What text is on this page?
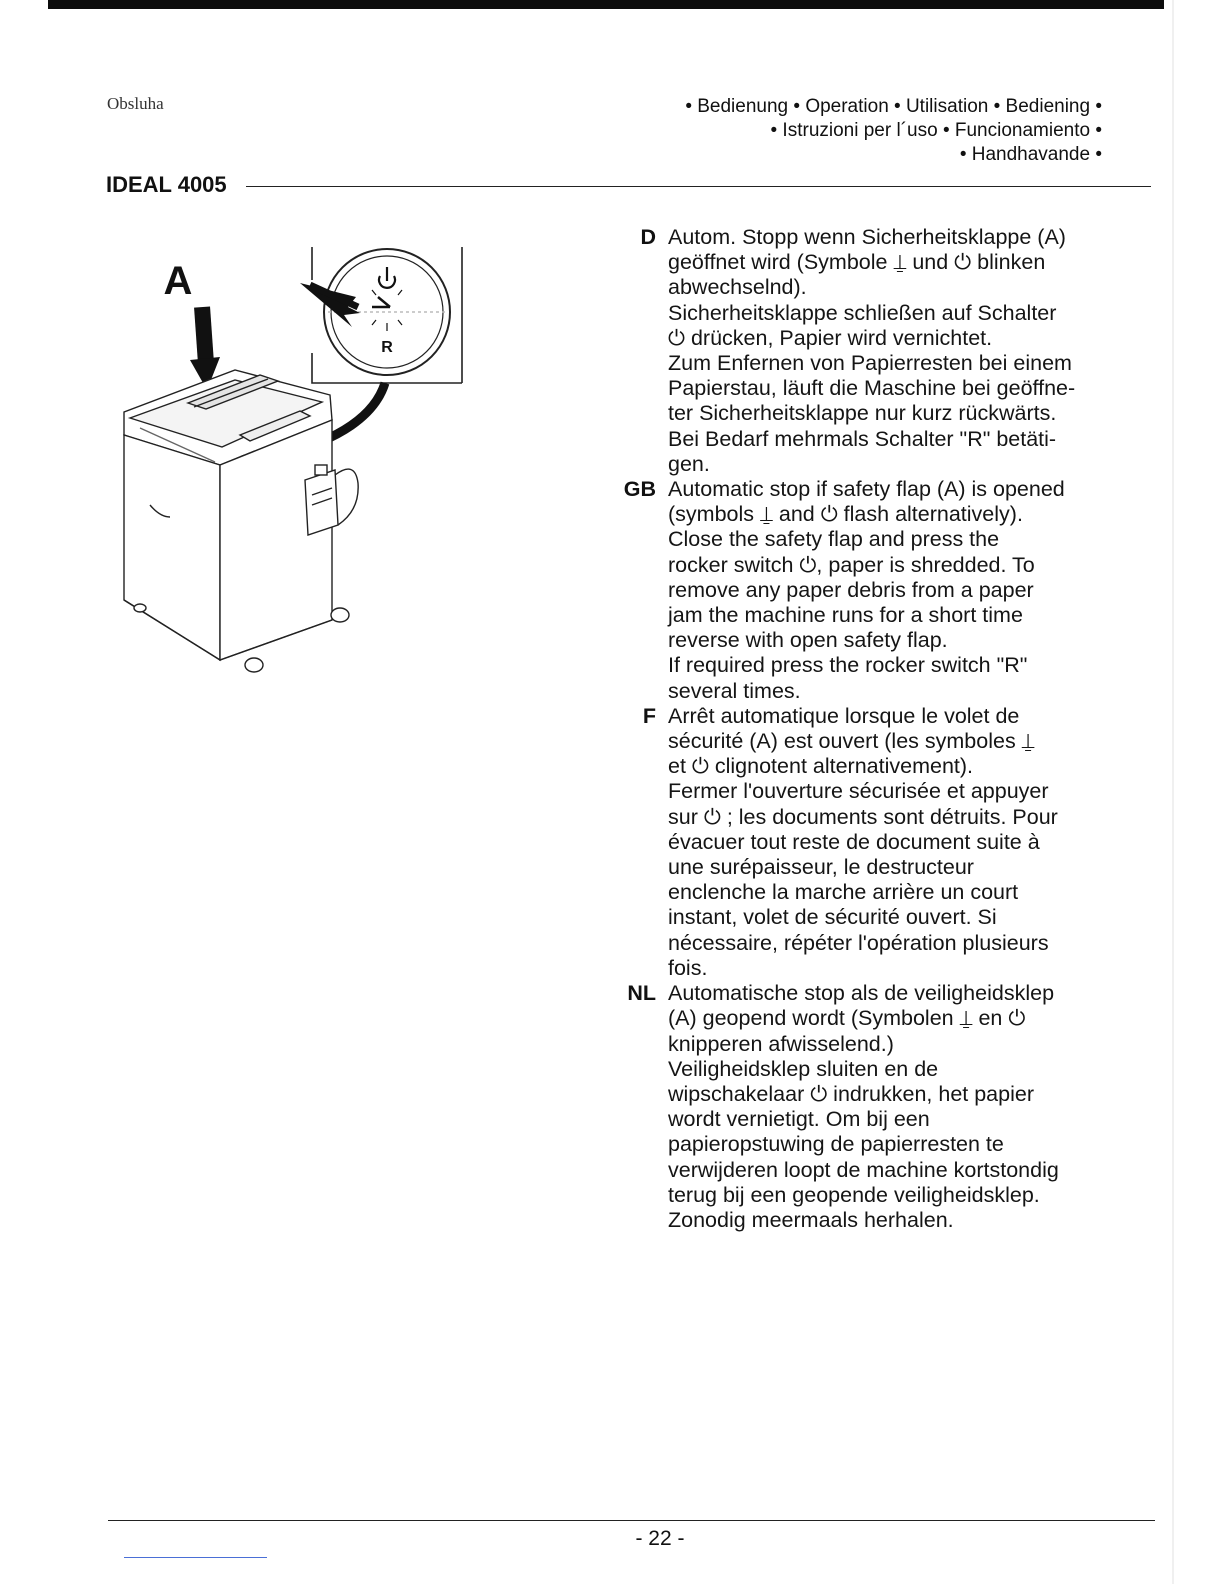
Obsluha	• Bedienung • Operation • Utilisation • Bediening •
• Istruzioni per l´uso • Funcionamiento •
• Handhavande •
IDEAL 4005
A
R
D Autom. Stopp wenn Sicherheitsklappe (A)
geöffnet wird (Symbole ⍊ und ⏻ blinken
abwechselnd).
Sicherheitsklappe schließen auf Schalter
⏻ drücken, Papier wird vernichtet.
Zum Enfernen von Papierresten bei einem
Papierstau, läuft die Maschine bei geöffne-
ter Sicherheitsklappe nur kurz rückwärts.
Bei Bedarf mehrmals Schalter "R" betäti-
gen.
GB Automatic stop if safety flap (A) is opened
(symbols ⍊ and ⏻ flash alternatively).
Close the safety flap and press the
rocker switch ⏻, paper is shredded. To
remove any paper debris from a paper
jam the machine runs for a short time
reverse with open safety flap.
If required press the rocker switch "R"
several times.
F Arrêt automatique lorsque le volet de
sécurité (A) est ouvert (les symboles ⍊
et ⏻ clignotent alternativement).
Fermer l'ouverture sécurisée et appuyer
sur ⏻ ; les documents sont détruits. Pour
évacuer tout reste de document suite à
une surépaisseur, le destructeur
enclenche la marche arrière un court
instant, volet de sécurité ouvert. Si
nécessaire, répéter l'opération plusieurs
fois.
NL Automatische stop als de veiligheidsklep
(A) geopend wordt (Symbolen ⍊ en ⏻
knipperen afwisselend.)
Veiligheidsklep sluiten en de
wipschakelaar ⏻ indrukken, het papier
wordt vernietigt. Om bij een
papieropstuwing de papierresten te
verwijderen loopt de machine kortstondig
terug bij een geopende veiligheidsklep.
Zonodig meermaals herhalen.
- 22 -
